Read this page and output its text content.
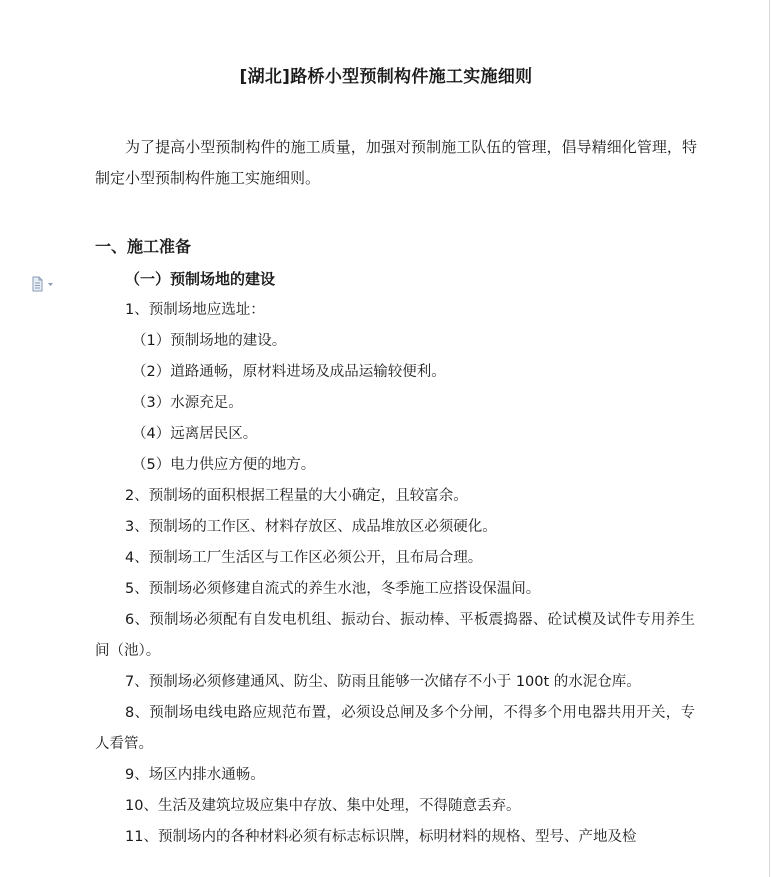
[湖北]路桥小型预制构件施工实施细则
为了提高小型预制构件的施工质量，加强对预制施工队伍的管理，倡导精细化管理，特制定小型预制构件施工实施细则。
一、施工准备
（一）预制场地的建设
1、预制场地应选址：
（1）预制场地的建设。
（2）道路通畅，原材料进场及成品运输较便利。
（3）水源充足。
（4）远离居民区。
（5）电力供应方便的地方。
2、预制场的面积根据工程量的大小确定，且较富余。
3、预制场的工作区、材料存放区、成品堆放区必须硬化。
4、预制场工厂生活区与工作区必须公开，且布局合理。
5、预制场必须修建自流式的养生水池，冬季施工应搭设保温间。
6、预制场必须配有自发电机组、振动台、振动棒、平板震捣器、砼试模及试件专用养生间（池）。
7、预制场必须修建通风、防尘、防雨且能够一次储存不小于 100t 的水泥仓库。
8、预制场电线电路应规范布置，必须设总闸及多个分闸，不得多个用电器共用开关，专人看管。
9、场区内排水通畅。
10、生活及建筑垃圾应集中存放、集中处理，不得随意丢弃。
11、预制场内的各种材料必须有标志标识牌，标明材料的规格、型号、产地及检
